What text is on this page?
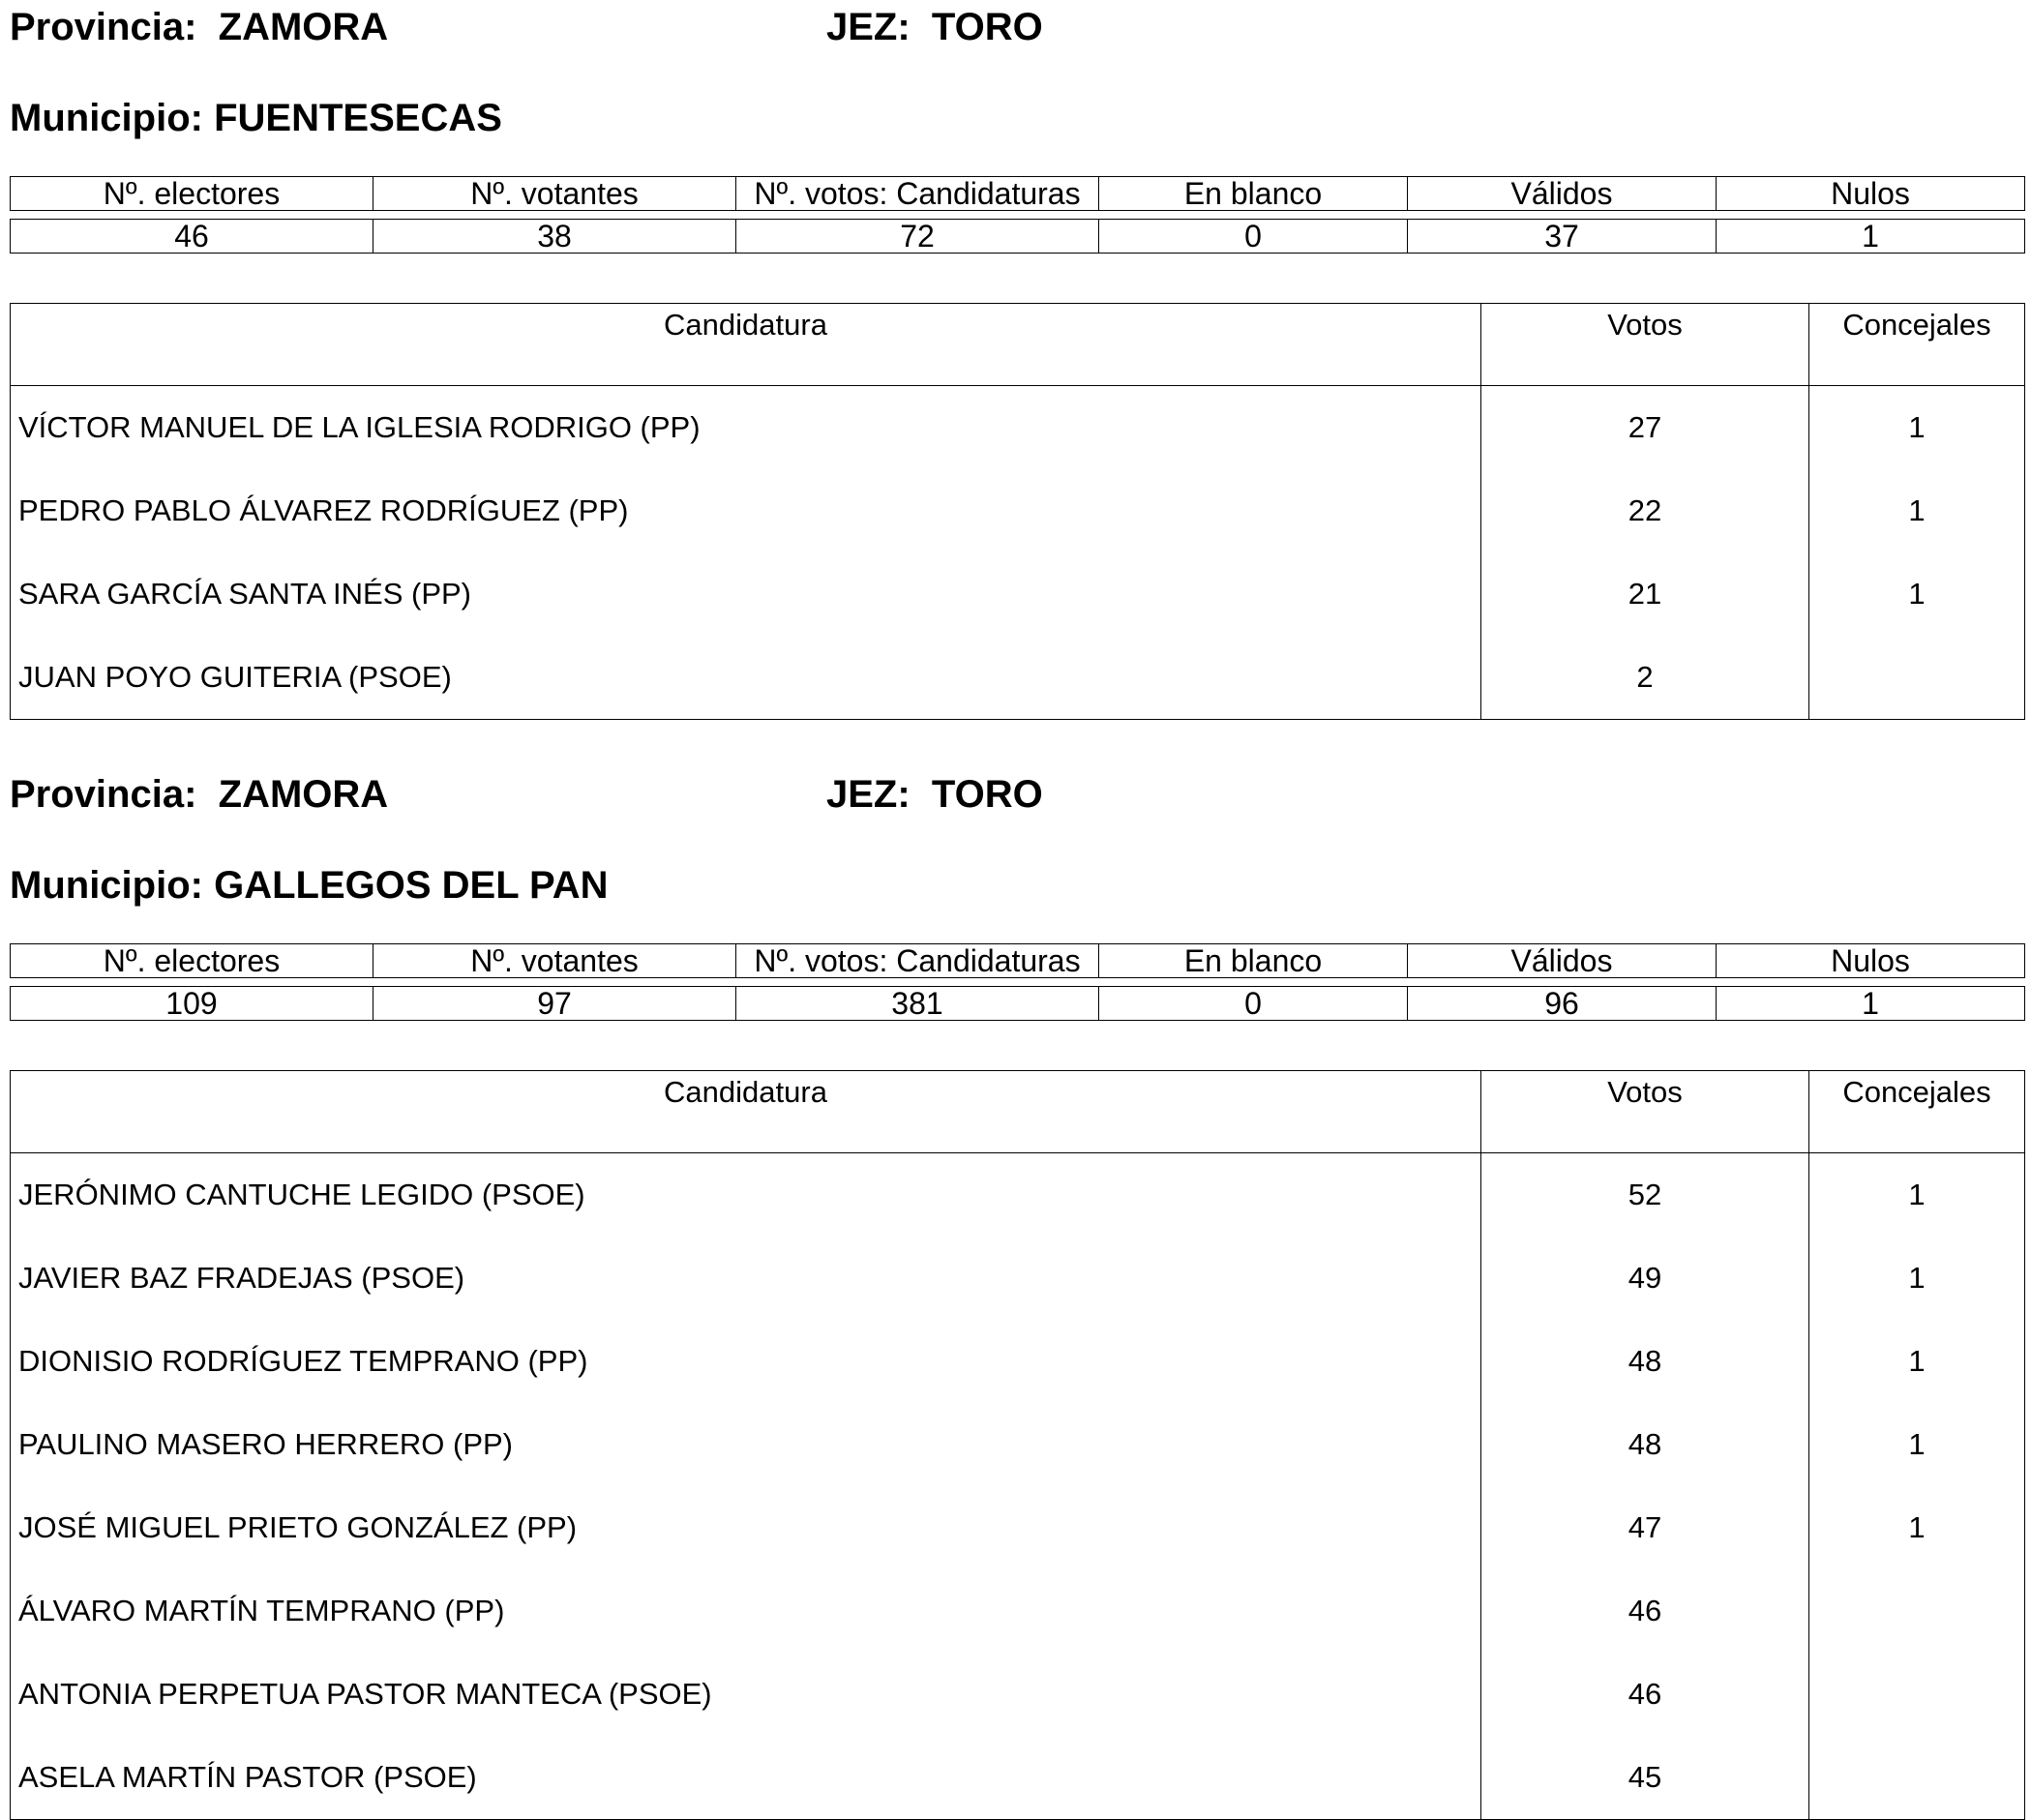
Provincia: ZAMORA	JEZ: TORO
Municipio: FUENTESECAS
Nº. electores	Nº. votantes	Nº. votos: Candidaturas	En blanco	Válidos	Nulos
46	38	72	0	37	1
Candidatura	Votos	Concejales
VÍCTOR MANUEL DE LA IGLESIA RODRIGO (PP)	27	1
PEDRO PABLO ÁLVAREZ RODRÍGUEZ (PP)	22	1
SARA GARCÍA SANTA INÉS (PP)	21	1
JUAN POYO GUITERIA (PSOE)	2	
Provincia: ZAMORA	JEZ: TORO
Municipio: GALLEGOS DEL PAN
Nº. electores	Nº. votantes	Nº. votos: Candidaturas	En blanco	Válidos	Nulos
109	97	381	0	96	1
Candidatura	Votos	Concejales
JERÓNIMO CANTUCHE LEGIDO (PSOE)	52	1
JAVIER BAZ FRADEJAS (PSOE)	49	1
DIONISIO RODRÍGUEZ TEMPRANO (PP)	48	1
PAULINO MASERO HERRERO (PP)	48	1
JOSÉ MIGUEL PRIETO GONZÁLEZ (PP)	47	1
ÁLVARO MARTÍN TEMPRANO (PP)	46	
ANTONIA PERPETUA PASTOR MANTECA (PSOE)	46	
ASELA MARTÍN PASTOR (PSOE)	45	
